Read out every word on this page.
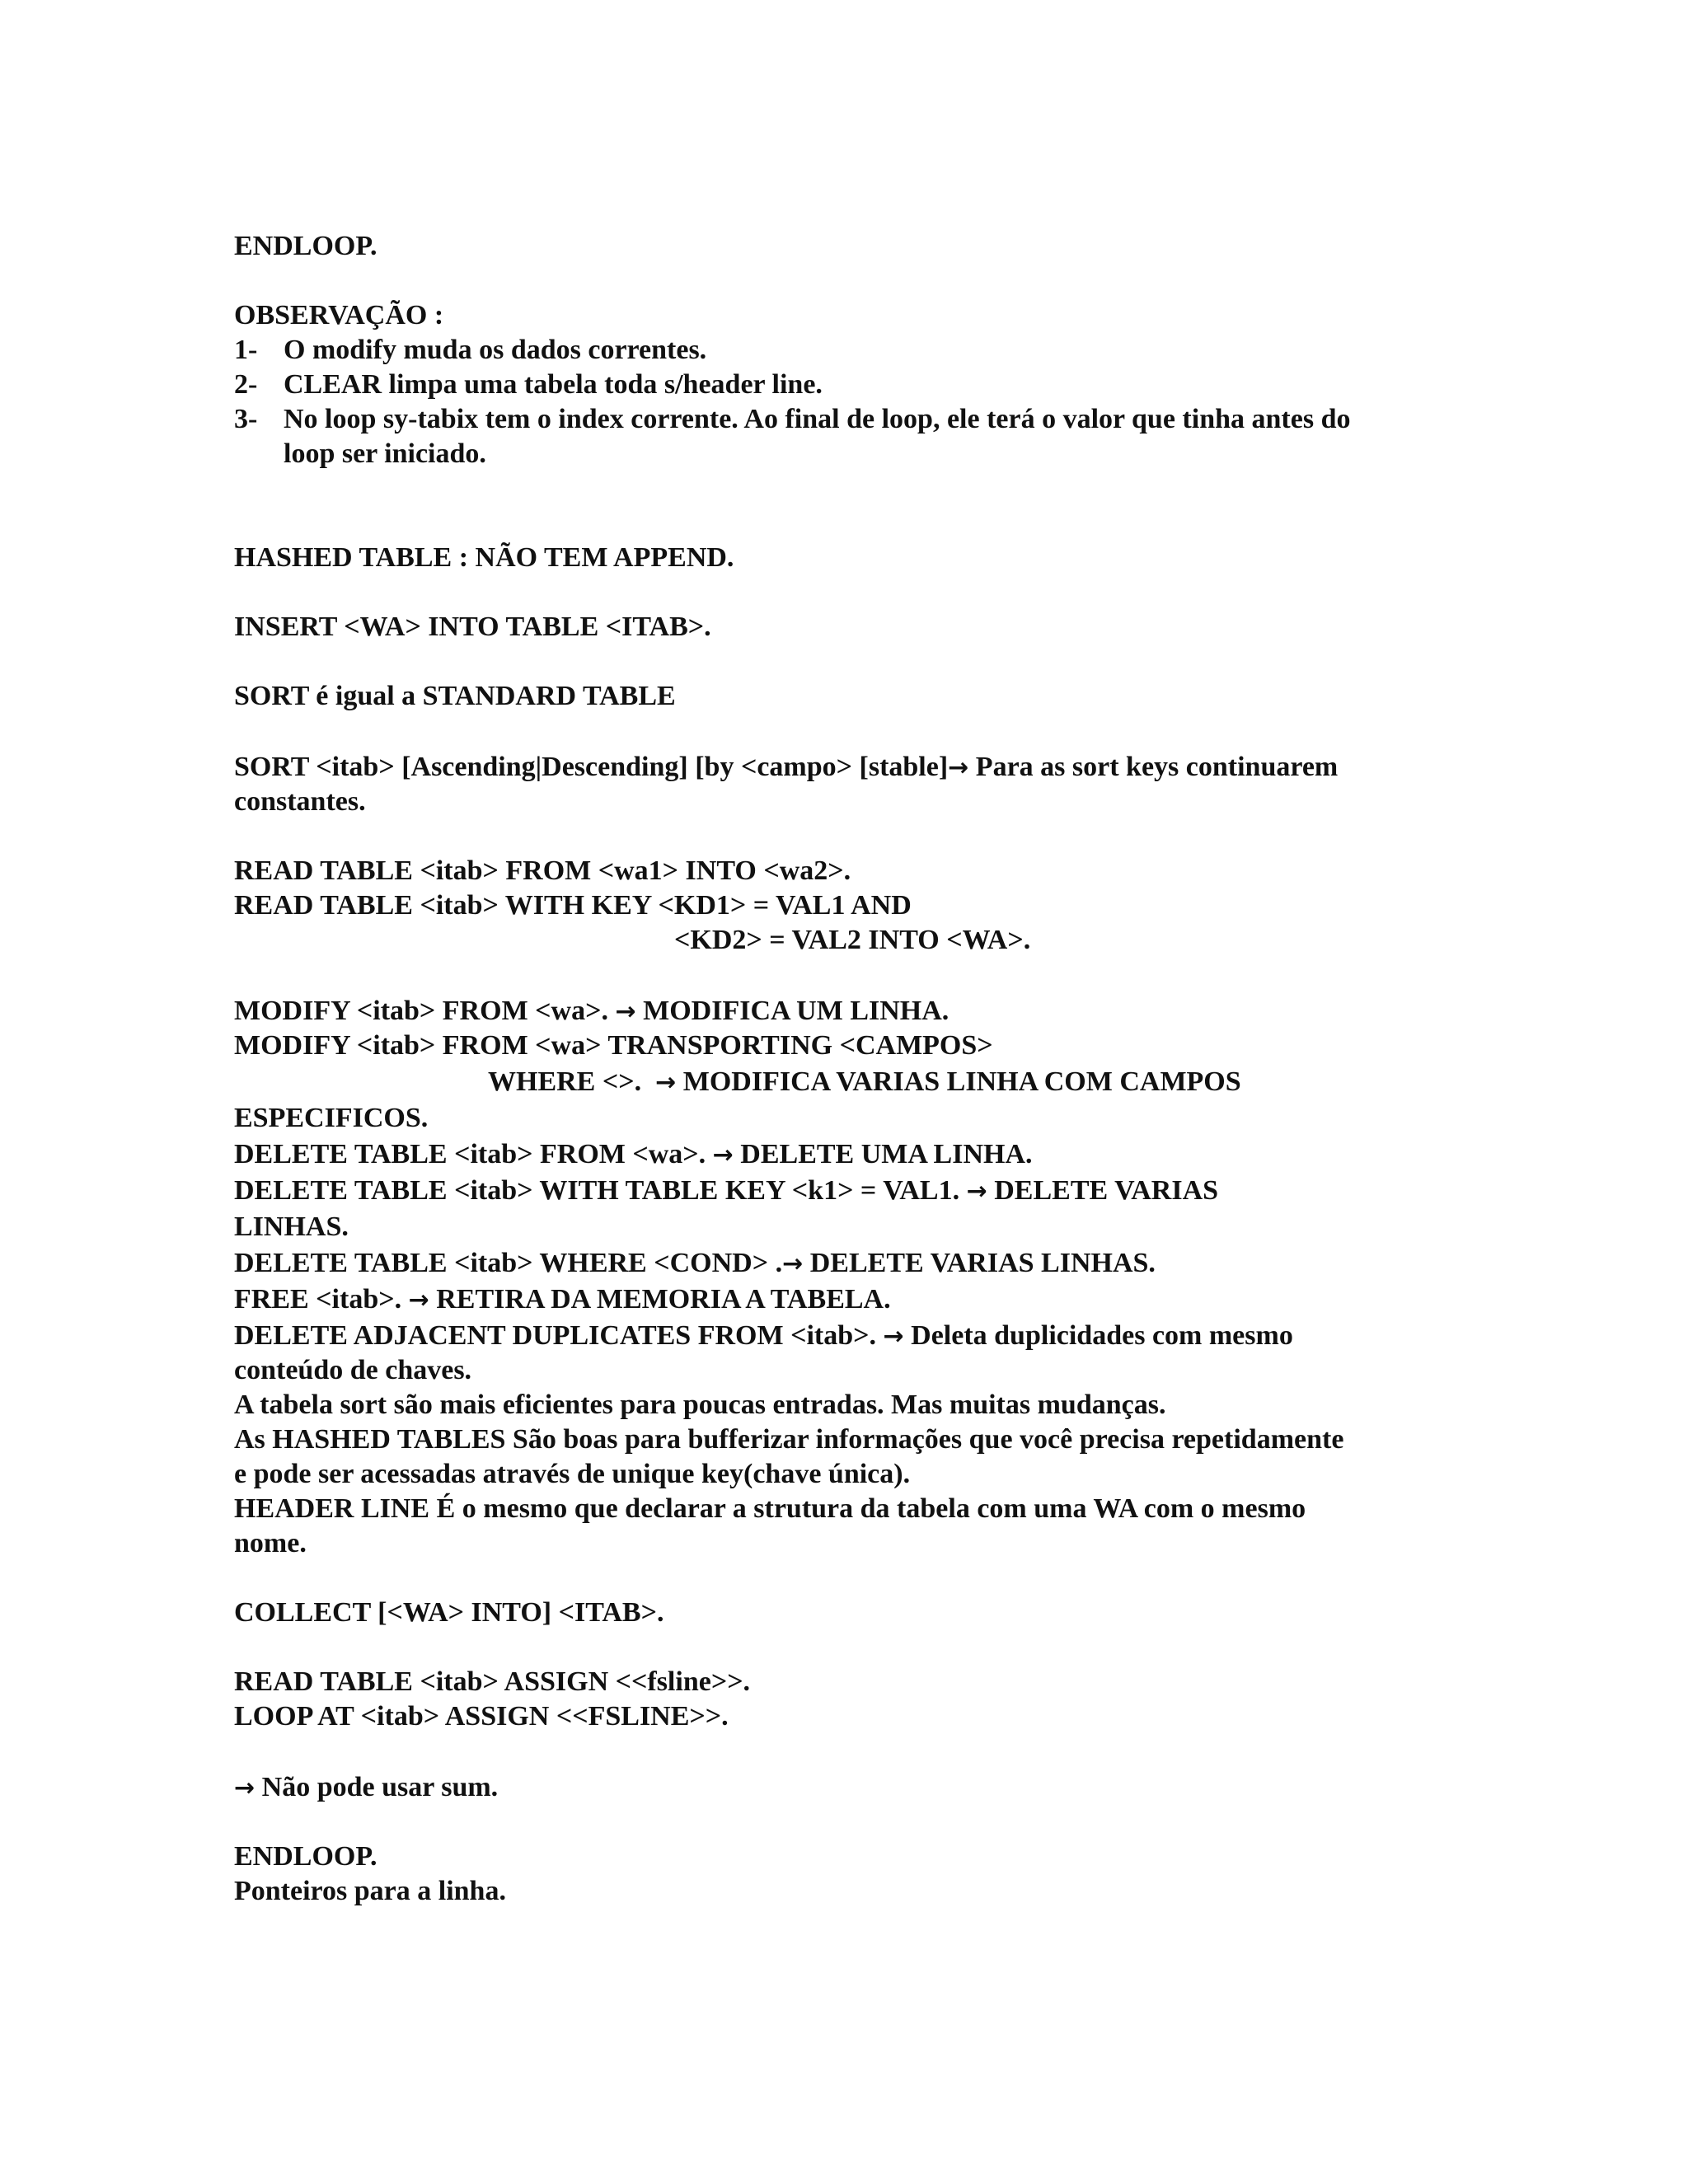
ENDLOOP.

OBSERVAÇÃO :

1- O modify muda os dados correntes.

2- CLEAR limpa uma tabela toda s/header line.

3- No loop sy-tabix tem o index corrente. Ao final de loop, ele terá o valor que tinha antes do

loop ser iniciado.

HASHED TABLE : NÃO TEM APPEND.

INSERT <WA> INTO TABLE <ITAB>.

SORT é igual a STANDARD TABLE

SORT <itab> [Ascending|Descending] [by <campo> [stable]→ Para as sort keys continuarem

constantes.

READ TABLE <itab> FROM <wa1> INTO <wa2>.

READ TABLE <itab> WITH KEY <KD1> = VAL1 AND

<KD2> = VAL2 INTO <WA>.

MODIFY <itab> FROM <wa>. → MODIFICA UM LINHA.

MODIFY <itab> FROM <wa> TRANSPORTING <CAMPOS>

WHERE <>.  → MODIFICA VARIAS LINHA COM CAMPOS

ESPECIFICOS.

DELETE TABLE <itab> FROM <wa>. → DELETE UMA LINHA.

DELETE TABLE <itab> WITH TABLE KEY <k1> = VAL1. → DELETE VARIAS

LINHAS.

DELETE TABLE <itab> WHERE <COND> .→ DELETE VARIAS LINHAS.

FREE <itab>. → RETIRA DA MEMORIA A TABELA.

DELETE ADJACENT DUPLICATES FROM <itab>. → Deleta duplicidades com mesmo

conteúdo de chaves.

A tabela sort são mais eficientes para poucas entradas. Mas muitas mudanças.

As HASHED TABLES São boas para bufferizar informações que você precisa repetidamente

e pode ser acessadas através de unique key(chave única).

HEADER LINE É o mesmo que declarar a strutura da tabela com uma WA com o mesmo

nome.

COLLECT [<WA> INTO] <ITAB>.

READ TABLE <itab> ASSIGN <<fsline>>.

LOOP AT <itab> ASSIGN <<FSLINE>>.

→ Não pode usar sum.

ENDLOOP.

Ponteiros para a linha.
